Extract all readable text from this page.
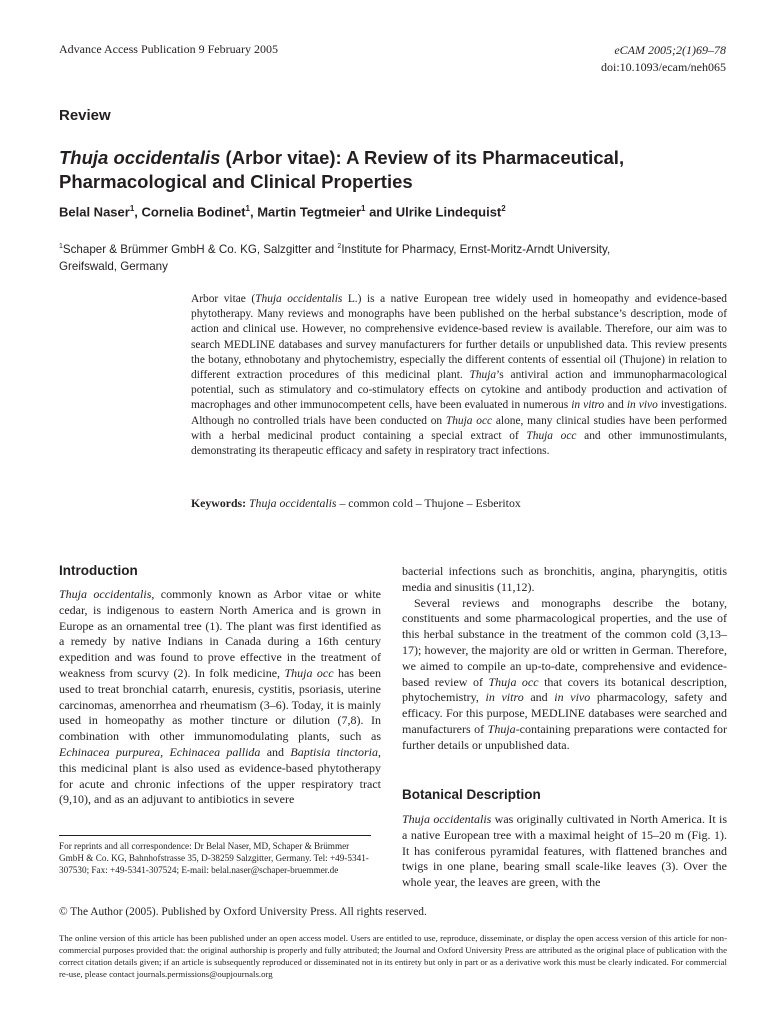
Advance Access Publication 9 February 2005	eCAM 2005;2(1)69–78
doi:10.1093/ecam/neh065
Review
Thuja occidentalis (Arbor vitae): A Review of its Pharmaceutical,
Pharmacological and Clinical Properties
Belal Naser$^1$, Cornelia Bodinet$^1$, Martin Tegtmeier$^1$ and Ulrike Lindequist$^2$
$^1$Schaper & Brümmer GmbH & Co. KG, Salzgitter and $^2$Institute for Pharmacy, Ernst-Moritz-Arndt University,
Greifswald, Germany
Arbor vitae (Thuja occidentalis L.) is a native European tree widely used in homeopathy and evidence-based phytotherapy. Many reviews and monographs have been published on the herbal substance’s description, mode of action and clinical use. However, no comprehensive evidence-based review is available. Therefore, our aim was to search MEDLINE databases and survey manufacturers for further details or unpublished data. This review presents the botany, ethnobotany and phytochemistry, especially the different contents of essential oil (Thujone) in relation to different extraction procedures of this medicinal plant. Thuja’s antiviral action and immunopharmacological potential, such as stimulatory and co-stimulatory effects on cytokine and antibody production and activation of macrophages and other immunocompetent cells, have been evaluated in numerous in vitro and in vivo investigations. Although no controlled trials have been conducted on Thuja occ alone, many clinical studies have been performed with a herbal medicinal product containing a special extract of Thuja occ and other immunostimulants, demonstrating its therapeutic efficacy and safety in respiratory tract infections.
Keywords: Thuja occidentalis – common cold – Thujone – Esberitox
Introduction
Thuja occidentalis, commonly known as Arbor vitae or white cedar, is indigenous to eastern North America and is grown in Europe as an ornamental tree (1). The plant was first identified as a remedy by native Indians in Canada during a 16th century expedition and was found to prove effective in the treatment of weakness from scurvy (2). In folk medicine, Thuja occ has been used to treat bronchial catarrh, enuresis, cystitis, psoriasis, uterine carcinomas, amenorrhea and rheumatism (3–6). Today, it is mainly used in homeopathy as mother tincture or dilution (7,8). In combination with other immunomodulating plants, such as Echinacea purpurea, Echinacea pallida and Baptisia tinctoria, this medicinal plant is also used as evidence-based phytotherapy for acute and chronic infections of the upper respiratory tract (9,10), and as an adjuvant to antibiotics in severe

bacterial infections such as bronchitis, angina, pharyngitis, otitis media and sinusitis (11,12).

Several reviews and monographs describe the botany, constituents and some pharmacological properties, and the use of this herbal substance in the treatment of the common cold (3,13–17); however, the majority are old or written in German. Therefore, we aimed to compile an up-to-date, comprehensive and evidence-based review of Thuja occ that covers its botanical description, phytochemistry, in vitro and in vivo pharmacology, safety and efficacy. For this purpose, MEDLINE databases were searched and manufacturers of Thuja-containing preparations were contacted for further details or unpublished data.

Botanical Description
Thuja occidentalis was originally cultivated in North America. It is a native European tree with a maximal height of 15–20 m (Fig. 1). It has coniferous pyramidal features, with flattened branches and twigs in one plane, bearing small scale-like leaves (3). Over the whole year, the leaves are green, with the
For reprints and all correspondence: Dr Belal Naser, MD, Schaper & Brümmer GmbH & Co. KG, Bahnhofstrasse 35, D-38259 Salzgitter, Germany. Tel: +49-5341-307530; Fax: +49-5341-307524; E-mail: belal.naser@schaper-bruemmer.de
© The Author (2005). Published by Oxford University Press. All rights reserved.
The online version of this article has been published under an open access model. Users are entitled to use, reproduce, disseminate, or display the open access version of this article for non-commercial purposes provided that: the original authorship is properly and fully attributed; the Journal and Oxford University Press are attributed as the original place of publication with the correct citation details given; if an article is subsequently reproduced or disseminated not in its entirety but only in part or as a derivative work this must be clearly indicated. For commercial re-use, please contact journals.permissions@oupjournals.org
